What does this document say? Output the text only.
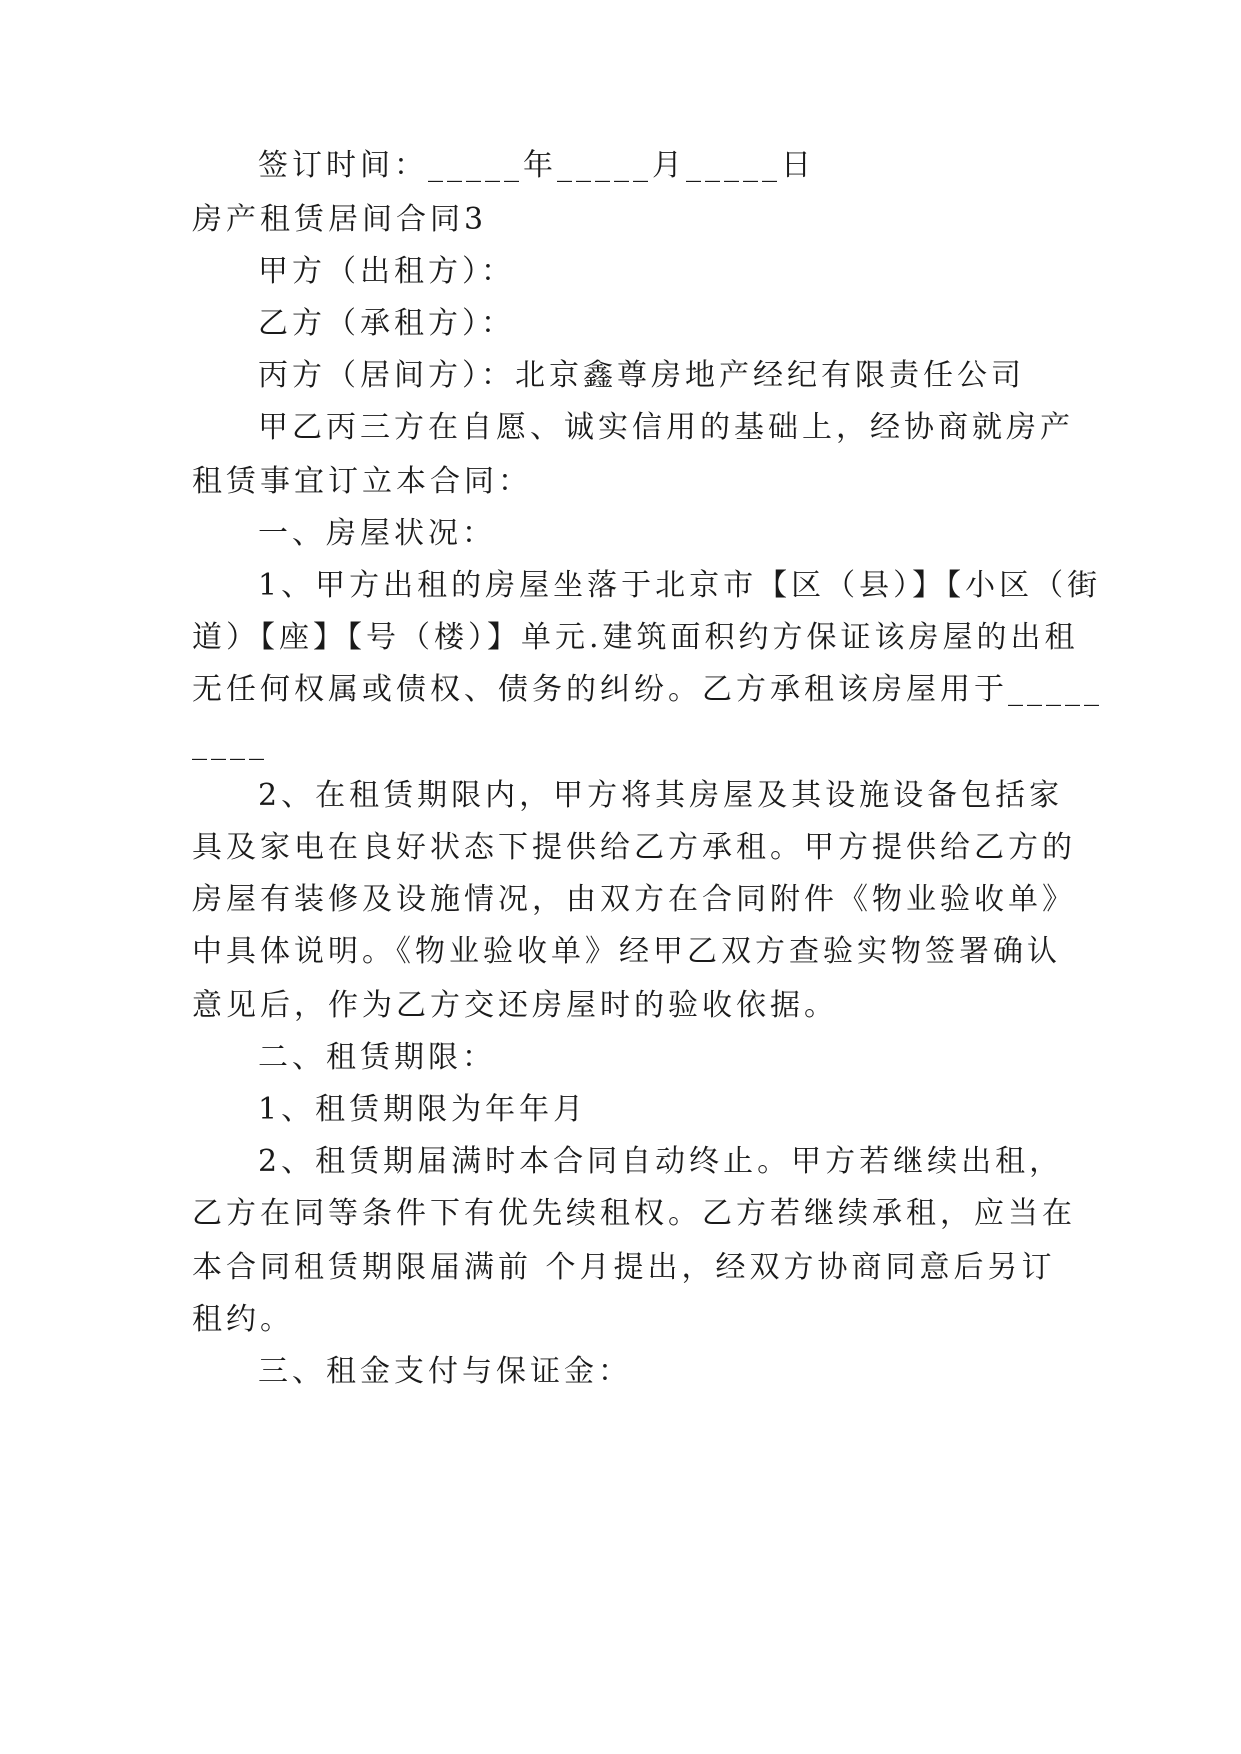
签订时间：_____年_____月_____日
房产租赁居间合同3
甲方（出租方）：
乙方（承租方）：
丙方（居间方）：北京鑫尊房地产经纪有限责任公司
甲乙丙三方在自愿、诚实信用的基础上，经协商就房产
租赁事宜订立本合同：
一、房屋状况：
1、甲方出租的房屋坐落于北京市【区（县）】【小区（街
道）【座】【号（楼）】单元.建筑面积约方保证该房屋的出租
无任何权属或债权、债务的纠纷。乙方承租该房屋用于_____
____
2、在租赁期限内，甲方将其房屋及其设施设备包括家
具及家电在良好状态下提供给乙方承租。甲方提供给乙方的
房屋有装修及设施情况，由双方在合同附件《物业验收单》
中具体说明。《物业验收单》经甲乙双方查验实物签署确认
意见后，作为乙方交还房屋时的验收依据。
二、租赁期限：
1、租赁期限为年年月
2、租赁期届满时本合同自动终止。甲方若继续出租，
乙方在同等条件下有优先续租权。乙方若继续承租，应当在
本合同租赁期限届满前 个月提出，经双方协商同意后另订
租约。
三、租金支付与保证金：
